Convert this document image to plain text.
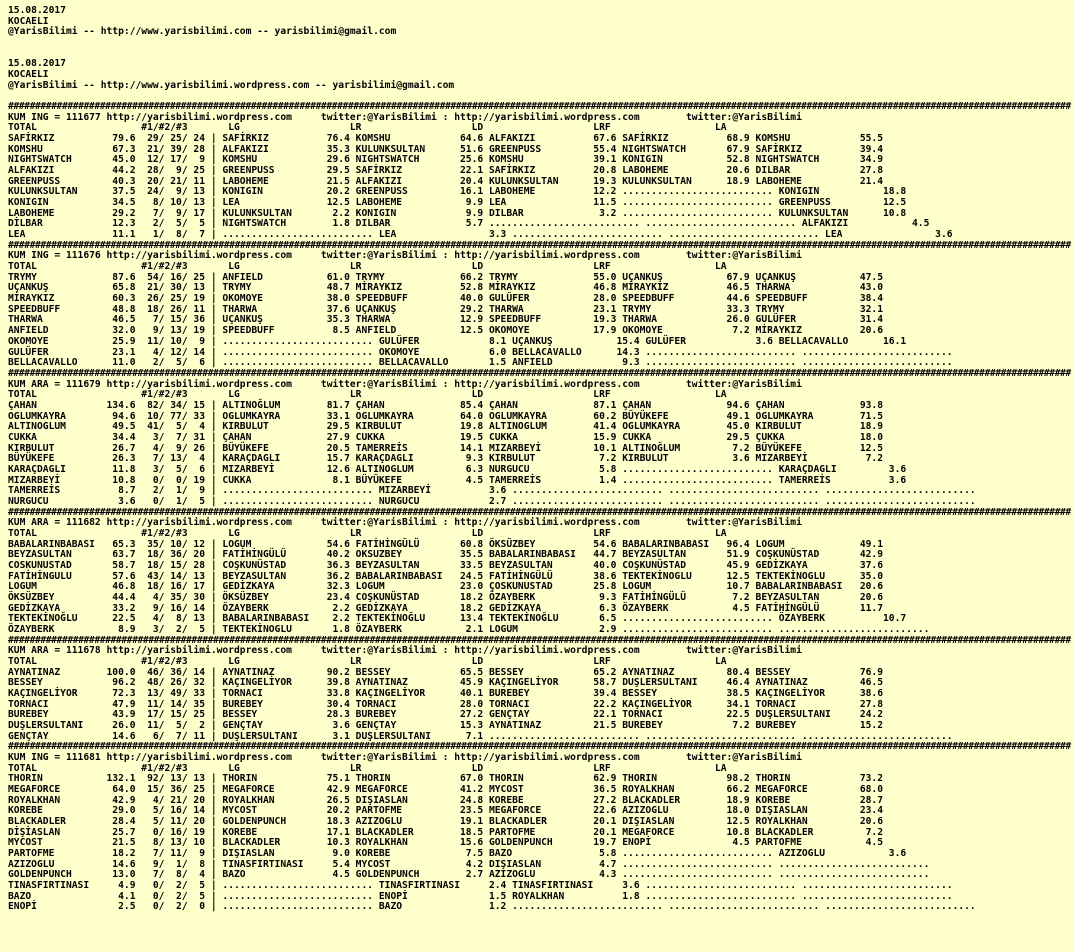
15.08.2017
KOCAELI
@YarisBilimi -- http://www.yarisbilimi.com -- yarisbilimi@gmail.com

15.08.2017
KOCAELI
@YarisBilimi -- http://www.yarisbilimi.wordpress.com -- yarisbilimi@gmail.com

#####################################################################################################################################################################################################
KUM ING = 111677 http://yarisbilimi.wordpress.com     twitter:@YarisBilimi : http://yarisbilimi.wordpress.com        twitter:@YarisBilimi
TOTAL                  #1/#2/#3       LG                   LR                   LD                   LRF                  LA
SAFİRKIZ          79.6  29/ 25/ 24 | SAFİRKIZ          76.4 KOMSHU            64.6 ALFAKIZI          67.6 SAFİRKIZ          68.9 KOMSHU            55.5
KOMSHU            67.3  21/ 39/ 28 | ALFAKIZI          35.3 KULUNKSULTAN      51.6 GREENPUSS         55.4 NIGHTSWATCH       67.9 SAFİRKIZ          39.4
NIGHTSWATCH       45.0  12/ 17/  9 | KOMSHU            29.6 NIGHTSWATCH       25.6 KOMSHU            39.1 KONIGIN           52.8 NIGHTSWATCH       34.9
ALFAKIZI          44.2  28/  9/ 25 | GREENPUSS         29.5 SAFİRKIZ          22.1 SAFİRKIZ          20.8 LABOHEME          20.6 DILBAR            27.8
GREENPUSS         40.3  20/ 21/ 11 | LABOHEME          21.5 ALFAKIZI          20.4 KULUNKSULTAN      19.3 KULUNKSULTAN      18.9 LABOHEME          21.4
KULUNKSULTAN      37.5  24/  9/ 13 | KONIGIN           20.2 GREENPUSS         16.1 LABOHEME          12.2 .......................... KONIGIN           18.8
KONIGIN           34.5   8/ 10/ 13 | LEA               12.5 LABOHEME           9.9 LEA               11.5 .......................... GREENPUSS         12.5
LABOHEME          29.2   7/  9/ 17 | KULUNKSULTAN       2.2 KONIGIN            9.9 DILBAR             3.2 .......................... KULUNKSULTAN      10.8
DİLBAR            12.3   2/  5/  5 | NIGHTSWATCH        1.8 DILBAR             5.7 .......................... .......................... ALFAKIZI           4.5
LEA               11.1   1/  8/  7 | .......................... LEA                3.3 .......................... .......................... LEA                3.6
#####################################################################################################################################################################################################
KUM ING = 111676 http://yarisbilimi.wordpress.com     twitter:@YarisBilimi : http://yarisbilimi.wordpress.com        twitter:@YarisBilimi
TOTAL                  #1/#2/#3       LG                   LR                   LD                   LRF                  LA
TRYMY             87.6  54/ 16/ 25 | ANFIELD           61.0 TRYMY             66.2 TRYMY             55.0 UÇANKUŞ           67.9 UÇANKUŞ           47.5
UÇANKUŞ           65.8  21/ 30/ 13 | TRYMY             48.7 MİRAYKIZ          52.8 MİRAYKIZ          46.8 MİRAYKIZ          46.5 THARWA            43.0
MİRAYKIZ          60.3  26/ 25/ 19 | OKOMOYE           38.0 SPEEDBUFF         40.0 GULÜFER           28.0 SPEEDBUFF         44.6 SPEEDBUFF         38.4
SPEEDBUFF         48.8  18/ 26/ 11 | THARWA            37.6 UÇANKUŞ           29.2 THARWA            23.1 TRYMY             33.3 TRYMY             32.1
THARWA            46.5   7/ 15/ 36 | UÇANKUŞ           35.3 THARWA            12.9 SPEEDBUFF         19.3 THARWA            26.0 GULÜFER           31.4
ANFIELD           32.0   9/ 13/ 19 | SPEEDBUFF          8.5 ANFIELD           12.5 OKOMOYE           17.9 OKOMOYE            7.2 MİRAYKIZ          20.6
OKOMOYE           25.9  11/ 10/  9 | .......................... GULÜFER            8.1 UÇANKUŞ           15.4 GULÜFER            3.6 BELLACAVALLO      16.1
GULÜFER           23.1   4/ 12/ 14 | .......................... OKOMOYE            6.0 BELLACAVALLO      14.3 .......................... ..........................
BELLACAVALLO      11.0   2/  5/  6 | .......................... BELLACAVALLO       1.5 ANFIELD            9.3 .......................... ..........................
#####################################################################################################################################################################################################
KUM ARA = 111679 http://yarisbilimi.wordpress.com     twitter:@YarisBilimi : http://yarisbilimi.wordpress.com        twitter:@YarisBilimi
TOTAL                  #1/#2/#3       LG                   LR                   LD                   LRF                  LA
ÇAHAN            134.6  82/ 34/ 15 | ALTINOĞLUM        81.7 ÇAHAN             85.4 ÇAHAN             87.1 ÇAHAN             94.6 ÇAHAN             93.8
OGLUMKAYRA        94.6  10/ 77/ 33 | OGLUMKAYRA        33.1 OGLUMKAYRA        64.0 OGLUMKAYRA        60.2 BÜYÜKEFE          49.1 OGLUMKAYRA        71.5
ALTINOGLUM        49.5  41/  5/  4 | KIRBULUT          29.5 KIRBULUT          19.8 ALTINOGLUM        41.4 OGLUMKAYRA        45.0 KIRBULUT          18.9
CUKKA             34.4   3/  7/ 31 | ÇAHAN             27.9 CUKKA             19.5 CUKKA             15.9 CUKKA             29.5 ÇUKKA             18.0
KIRBULUT          26.7   4/  9/ 26 | BÜYÜKEFE          20.5 TAMERREİS         14.1 MIZARBEYİ         10.1 ALTINOĞLUM         7.2 BÜYÜKEFE          12.5
BÜYÜKEFE          26.3   7/ 13/  4 | KARAÇDAGLI        15.7 KARAÇDAGLI         9.3 KIRBULUT           7.2 KIRBULUT           3.6 MIZARBEYİ          7.2
KARAÇDAGLI        11.8   3/  5/  6 | MIZARBEYİ         12.6 ALTINOGLUM         6.3 NURGUCU            5.8 .......................... KARAÇDAGLI         3.6
MIZARBEYİ         10.8   0/  0/ 19 | CUKKA              8.1 BÜYÜKEFE           4.5 TAMERREİS          1.4 .......................... TAMERREİS          3.6
TAMERREİS          8.7   2/  1/  9 | .......................... MIZARBEYİ          3.6 .......................... .......................... ..........................
NURGUCU            3.6   0/  1/  5 | .......................... NURGUCU            2.7 .......................... .......................... ..........................
#####################################################################################################################################################################################################
KUM ARA = 111682 http://yarisbilimi.wordpress.com     twitter:@YarisBilimi : http://yarisbilimi.wordpress.com        twitter:@YarisBilimi
TOTAL                  #1/#2/#3       LG                   LR                   LD                   LRF                  LA
BABALARINBABASI   65.3  35/ 10/ 12 | LOGUM             54.6 FATİHİNGÜLÜ       60.8 ÖKSÜZBEY          54.6 BABALARINBABASI   96.4 LOGUM             49.1
BEYZASULTAN       63.7  18/ 36/ 20 | FATİHİNGÜLÜ       40.2 OKSUZBEY          35.5 BABALARINBABASI   44.7 BEYZASULTAN       51.9 COŞKUNÜSTAD       42.9
COSKUNUSTAD       58.7  18/ 15/ 28 | COŞKUNÜSTAD       36.3 BEYZASULTAN       33.5 BEYZASULTAN       40.0 COŞKUNÜSTAD       45.9 GEDİZKAYA         37.6
FATİHİNGULU       57.6  43/ 14/ 13 | BEYZASULTAN       36.2 BABALARINBABASI   24.5 FATİHİNGÜLÜ       38.6 TEKTEKİNOGLU      12.5 TEKTEKİNOGLU      35.0
LOGUM             46.8  18/ 16/ 17 | GEDİZKAYA         32.3 LOGUM             23.0 ÇOSKUNUSTAD       25.8 LOGUM             10.7 BABALARINBABASI   20.6
ÖKSÜZBEY          44.4   4/ 35/ 30 | ÖKSÜZBEY          23.4 COŞKUNÜSTAD       18.2 ÖZAYBERK           9.3 FATİHİNGÜLÜ        7.2 BEYZASULTAN       20.6
GEDİZKAYA         33.2   9/ 16/ 14 | ÖZAYBERK           2.2 GEDİZKAYA         18.2 GEDİZKAYA          6.3 ÖZAYBERK           4.5 FATİHİNGÜLÜ       11.7
TEKTEKİNOĞLU      22.5   4/  8/ 13 | BABALARINBABASI    2.2 TEKTEKİNOĞLU      13.4 TEKTEKİNOĞLU       6.5 .......................... ÖZAYBERK          10.7
ÖZAYBERK           8.9   3/  2/  5 | TEKTEKİNOGLU       1.8 ÖZAYBERK           2.1 LOGUM              2.9 .......................... ..........................
#####################################################################################################################################################################################################
KUM ARA = 111678 http://yarisbilimi.wordpress.com     twitter:@YarisBilimi : http://yarisbilimi.wordpress.com        twitter:@YarisBilimi
TOTAL                  #1/#2/#3       LG                   LR                   LD                   LRF                  LA
AYNATINAZ        100.0  46/ 36/ 14 | AYNATINAZ         90.2 BESSEY            65.5 BESSEY            65.2 AYNATINAZ         80.4 BESSEY            76.9
BESSEY            96.2  48/ 26/ 32 | KAÇINGELİYOR      39.8 AYNATINAZ         45.9 KAÇINGELİYOR      58.7 DUŞLERSULTANI     46.4 AYNATINAZ         46.5
KAÇINGELİYOR      72.3  13/ 49/ 33 | TORNACI           33.8 KAÇINGELİYOR      40.1 BUREBEY           39.4 BESSEY            38.5 KAÇINGELİYOR      38.6
TORNACI           47.9  11/ 14/ 35 | BUREBEY           30.4 TORNACI           28.0 TORNACI           22.2 KAÇINGELİYOR      34.1 TORNACI           27.8
BUREBEY           43.9  17/ 15/ 25 | BESSEY            28.3 BUREBEY           27.2 GENÇTAY           22.1 TORNACI           22.5 DUŞLERSULTANI     24.2
DUŞLERSULTANI     26.0  11/  5/  2 | GENÇTAY            3.6 GENÇTAY           15.3 AYNATINAZ         21.5 BUREBEY            7.2 BUREBEY           15.2
GENÇTAY           14.6   6/  7/ 11 | DUŞLERSULTANI      3.1 DUŞLERSULTANI      7.1 .......................... .......................... ..........................
#####################################################################################################################################################################################################
KUM ING = 111681 http://yarisbilimi.wordpress.com     twitter:@YarisBilimi : http://yarisbilimi.wordpress.com        twitter:@YarisBilimi
TOTAL                  #1/#2/#3       LG                   LR                   LD                   LRF                  LA
THORIN           132.1  92/ 13/ 13 | THORIN            75.1 THORIN            67.0 THORIN            62.9 THORIN            98.2 THORIN            73.2
MEGAFORCE         64.0  15/ 36/ 25 | MEGAFORCE         42.9 MEGAFORCE         41.2 MYCOST            36.5 ROYALKHAN         66.2 MEGAFORCE         68.0
ROYALKHAN         42.9   4/ 21/ 20 | ROYALKHAN         26.5 DIŞIASLAN         24.8 KOREBE            27.2 BLACKADLER        18.9 KOREBE            28.7
KOREBE            29.0   5/ 16/ 14 | MYCOST            20.2 PARTOFME          23.5 MEGAFORCE         22.6 AZIZOGLU          18.0 DIŞIASLAN         23.4
BLACKADLER        28.4   5/ 11/ 20 | GOLDENPUNCH       18.3 AZIZOGLU          19.1 BLACKADLER        20.1 DIŞIASLAN         12.5 ROYALKHAN         20.6
DİŞİASLAN         25.7   0/ 16/ 19 | KOREBE            17.1 BLACKADLER        18.5 PARTOFME          20.1 MEGAFORCE         10.8 BLACKADLER         7.2
MYCOST            21.5   8/ 13/ 10 | BLACKADLER        10.3 ROYALKHAN         15.6 GOLDENPUNCH       19.7 ENOPİ              4.5 PARTOFME           4.5
PARTOFME          18.2   7/ 11/  9 | DIŞIASLAN          9.0 KOREBE             7.5 BAZO               5.8 .......................... AZIZOGLU           3.6
AZIZOGLU          14.6   9/  1/  8 | TINASFIRTINASI     5.4 MYCOST             4.2 DIŞIASLAN          4.7 .......................... ..........................
GOLDENPUNCH       13.0   7/  8/  4 | BAZO               4.5 GOLDENPUNCH        2.7 AZIZOGLU           4.3 .......................... ..........................
TINASFIRTINASI     4.9   0/  2/  5 | .......................... TINASFIRTINASI     2.4 TINASFIRTINASI     3.6 .......................... ..........................
BAZO               4.1   0/  2/  5 | .......................... ENOPİ              1.5 ROYALKHAN          1.8 .......................... ..........................
ENOPİ              2.5   0/  2/  0 | .......................... BAZO               1.2 .......................... .......................... ..........................
